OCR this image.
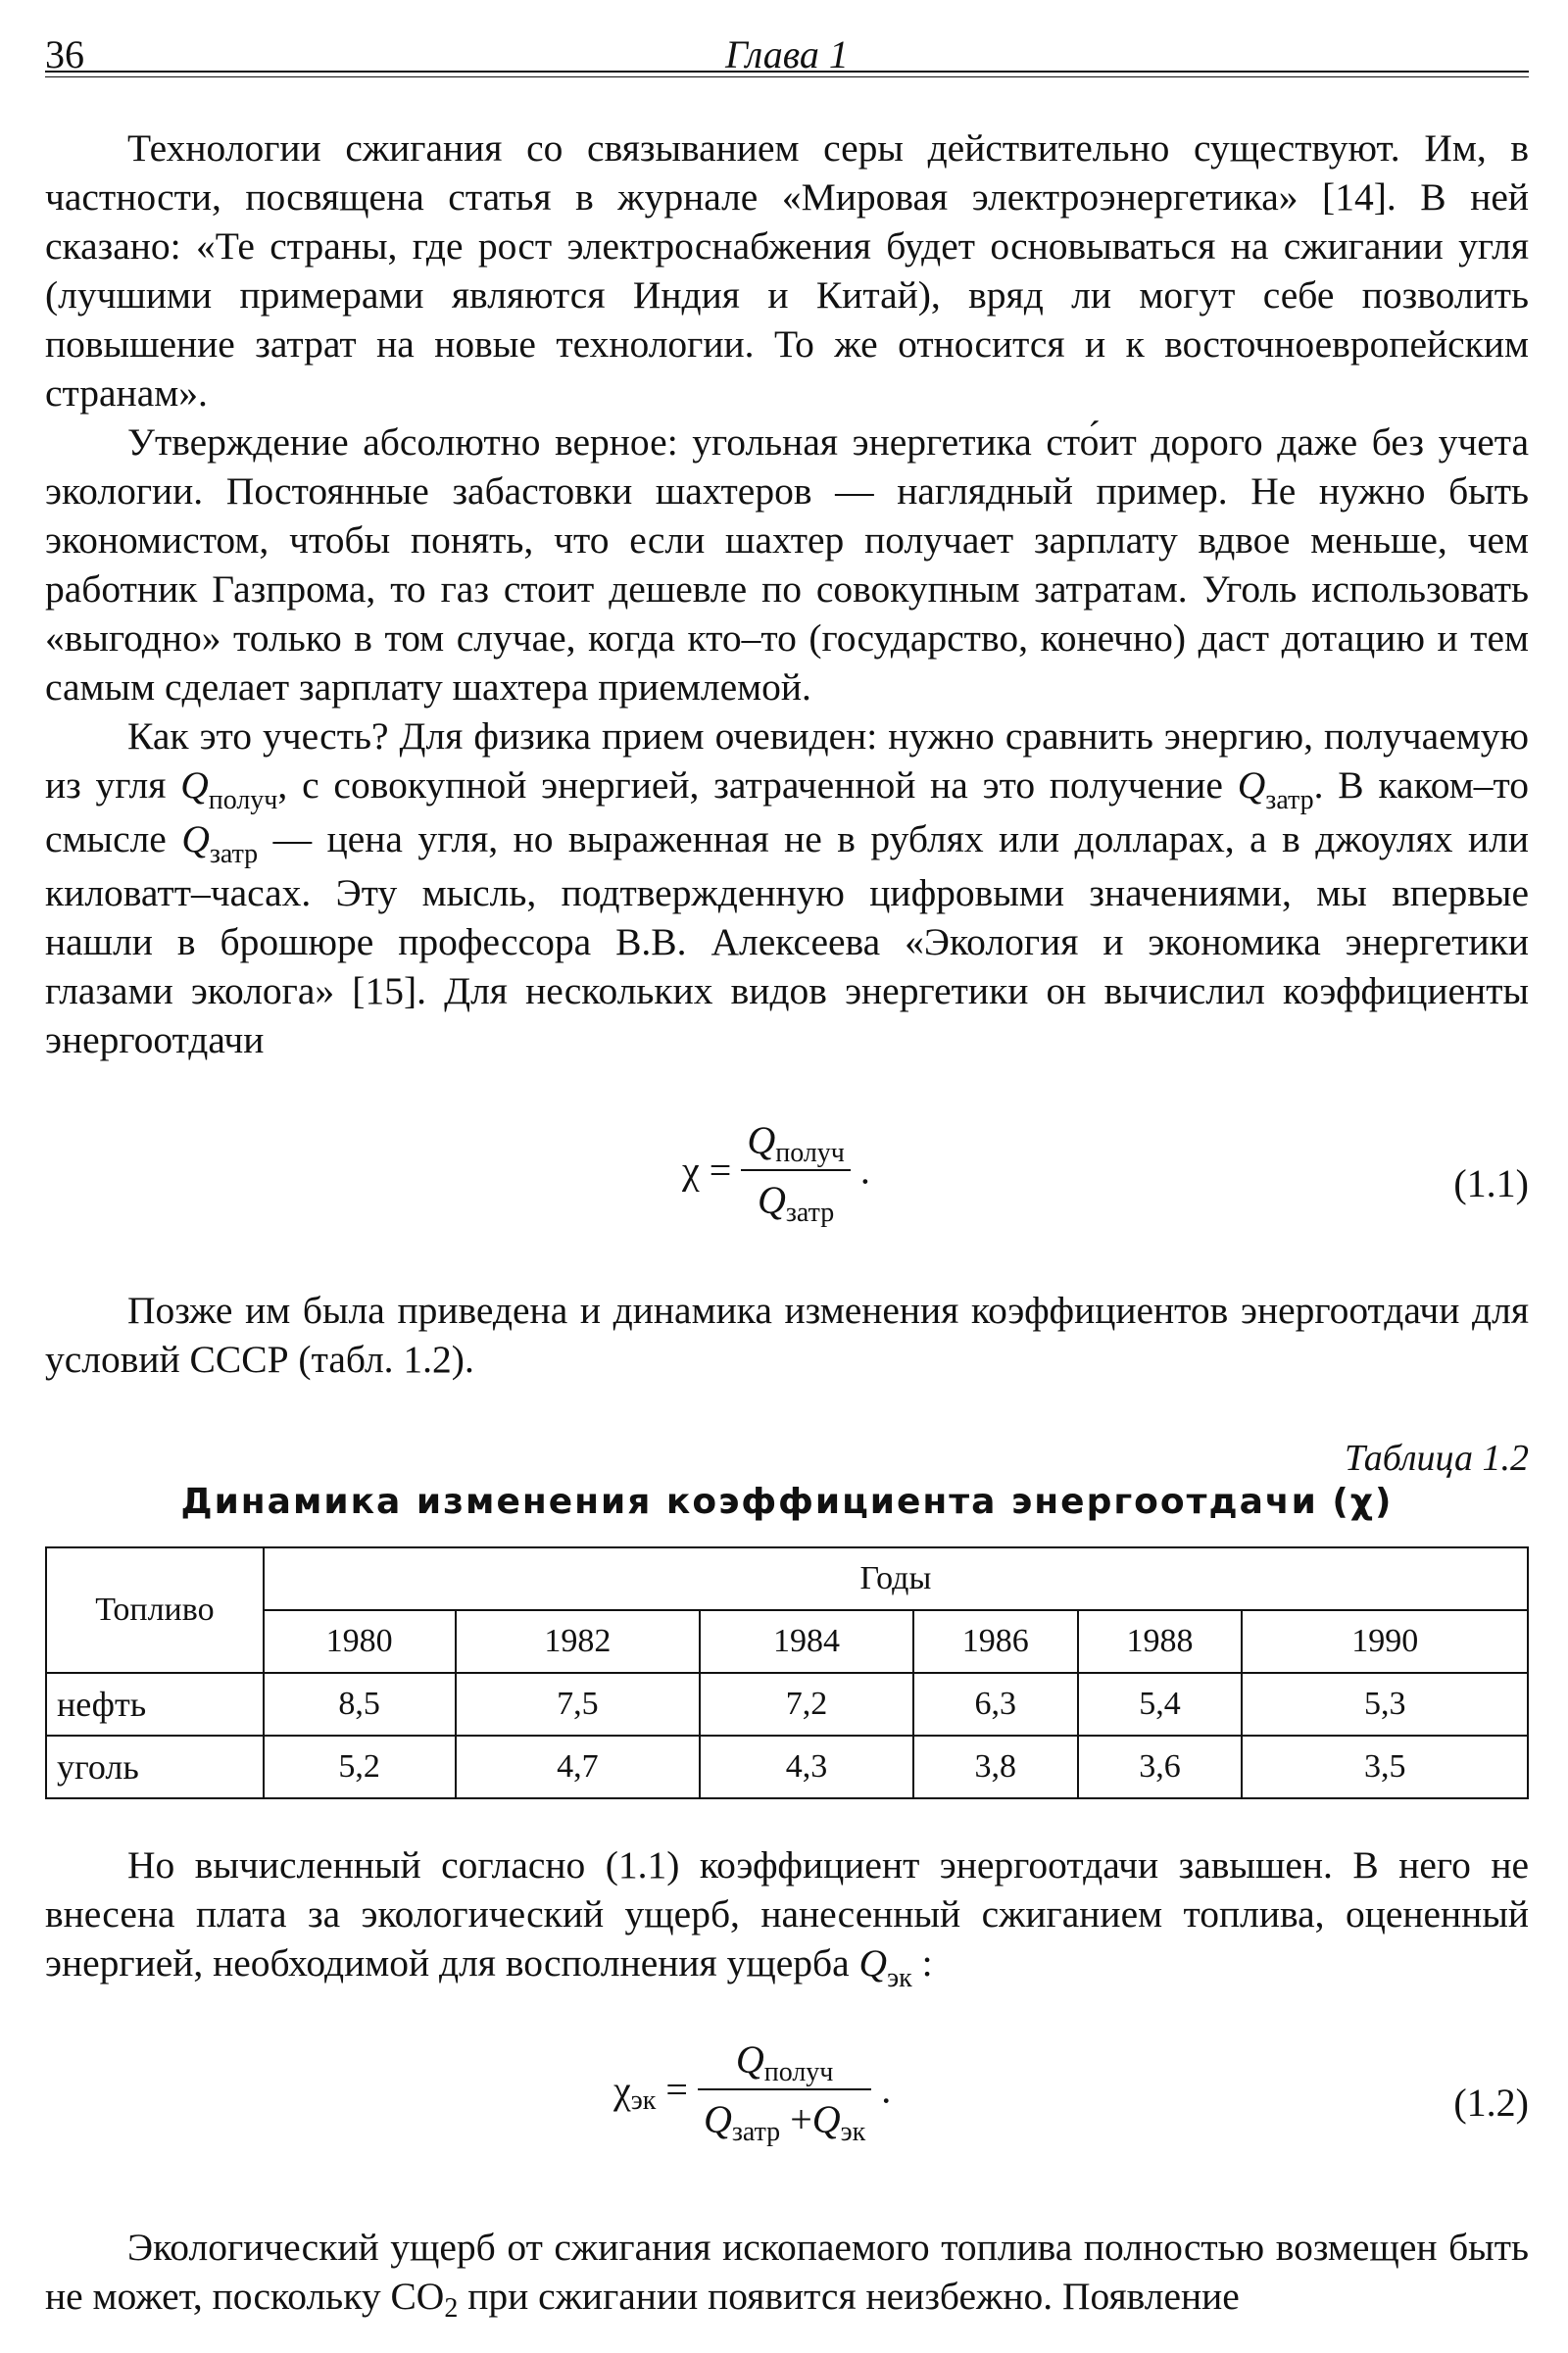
36	Глава 1

Технологии сжигания со связыванием серы действительно существуют. Им, в частности, посвящена статья в журнале «Мировая электроэнергетика» [14]. В ней сказано: «Те страны, где рост электроснабжения будет основываться на сжигании угля (лучшими примерами являются Индия и Китай), вряд ли могут себе позволить повышение затрат на новые технологии. То же относится и к восточноевропейским странам».

Утверждение абсолютно верное: угольная энергетика сто́ит дорого даже без учета экологии. Постоянные забастовки шахтеров — наглядный пример. Не нужно быть экономистом, чтобы понять, что если шахтер получает зарплату вдвое меньше, чем работник Газпрома, то газ стоит дешевле по совокупным затратам. Уголь использовать «выгодно» только в том случае, когда кто–то (государство, конечно) даст дотацию и тем самым сделает зарплату шахтера приемлемой.

Как это учесть? Для физика прием очевиден: нужно сравнить энергию, получаемую из угля $Q_{получ}$, с совокупной энергией, затраченной на это получение $Q_{затр}$. В каком–то смысле $Q_{затр}$ — цена угля, но выраженная не в рублях или долларах, а в джоулях или киловатт–часах. Эту мысль, подтвержденную цифровыми значениями, мы впервые нашли в брошюре профессора В.В. Алексеева «Экология и экономика энергетики глазами эколога» [15]. Для нескольких видов энергетики он вычислил коэффициенты энергоотдачи

$\chi = \frac{Q_{получ}}{Q_{затр}}$ .	(1.1)

Позже им была приведена и динамика изменения коэффициентов энергоотдачи для условий СССР (табл. 1.2).

Таблица 1.2
Динамика изменения коэффициента энергоотдачи (χ)
Топливо	Годы					
	1980	1982	1984	1986	1988	1990
нефть	8,5	7,5	7,2	6,3	5,4	5,3
уголь	5,2	4,7	4,3	3,8	3,6	3,5

Но вычисленный согласно (1.1) коэффициент энергоотдачи завышен. В него не внесена плата за экологический ущерб, нанесенный сжиганием топлива, оцененный энергией, необходимой для восполнения ущерба $Q_{эк}$ :

$\chi эк = \frac{Q_{получ}}{Q_{затр} +Q_{эк}}$ .	(1.2)

Экологический ущерб от сжигания ископаемого топлива полностью возмещен быть не может, поскольку $CO_2$ при сжигании появится неизбежно. Появление
